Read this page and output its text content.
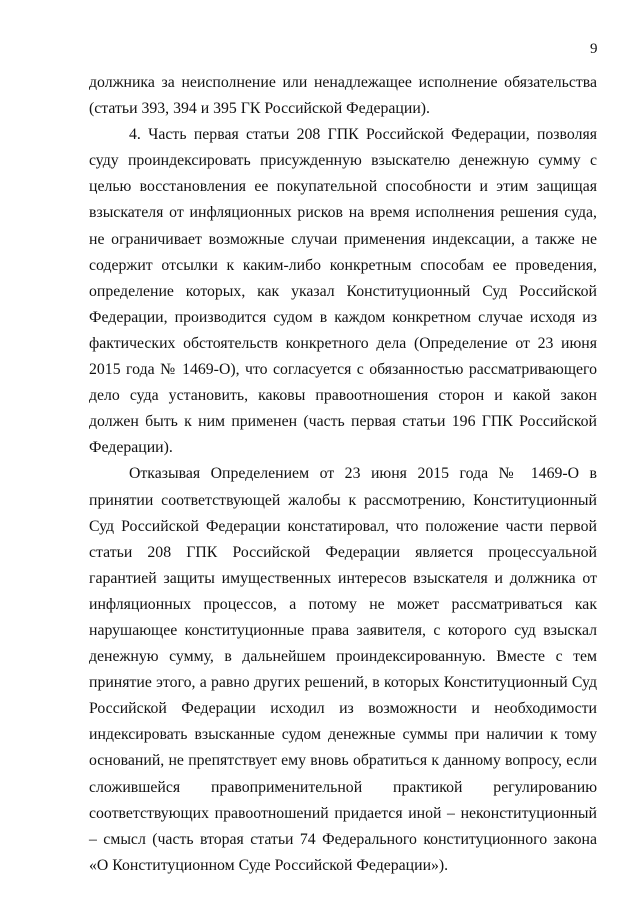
9

должника за неисполнение или ненадлежащее исполнение обязательства (статьи 393, 394 и 395 ГК Российской Федерации).

4. Часть первая статьи 208 ГПК Российской Федерации, позволяя суду проиндексировать присужденную взыскателю денежную сумму с целью восстановления ее покупательной способности и этим защищая взыскателя от инфляционных рисков на время исполнения решения суда, не ограничивает возможные случаи применения индексации, а также не содержит отсылки к каким-либо конкретным способам ее проведения, определение которых, как указал Конституционный Суд Российской Федерации, производится судом в каждом конкретном случае исходя из фактических обстоятельств конкретного дела (Определение от 23 июня 2015 года № 1469-О), что согласуется с обязанностью рассматривающего дело суда установить, каковы правоотношения сторон и какой закон должен быть к ним применен (часть первая статьи 196 ГПК Российской Федерации).

Отказывая Определением от 23 июня 2015 года № 1469-О в принятии соответствующей жалобы к рассмотрению, Конституционный Суд Российской Федерации констатировал, что положение части первой статьи 208 ГПК Российской Федерации является процессуальной гарантией защиты имущественных интересов взыскателя и должника от инфляционных процессов, а потому не может рассматриваться как нарушающее конституционные права заявителя, с которого суд взыскал денежную сумму, в дальнейшем проиндексированную. Вместе с тем принятие этого, а равно других решений, в которых Конституционный Суд Российской Федерации исходил из возможности и необходимости индексировать взысканные судом денежные суммы при наличии к тому оснований, не препятствует ему вновь обратиться к данному вопросу, если сложившейся правоприменительной практикой регулированию соответствующих правоотношений придается иной – неконституционный – смысл (часть вторая статьи 74 Федерального конституционного закона «О Конституционном Суде Российской Федерации»).
